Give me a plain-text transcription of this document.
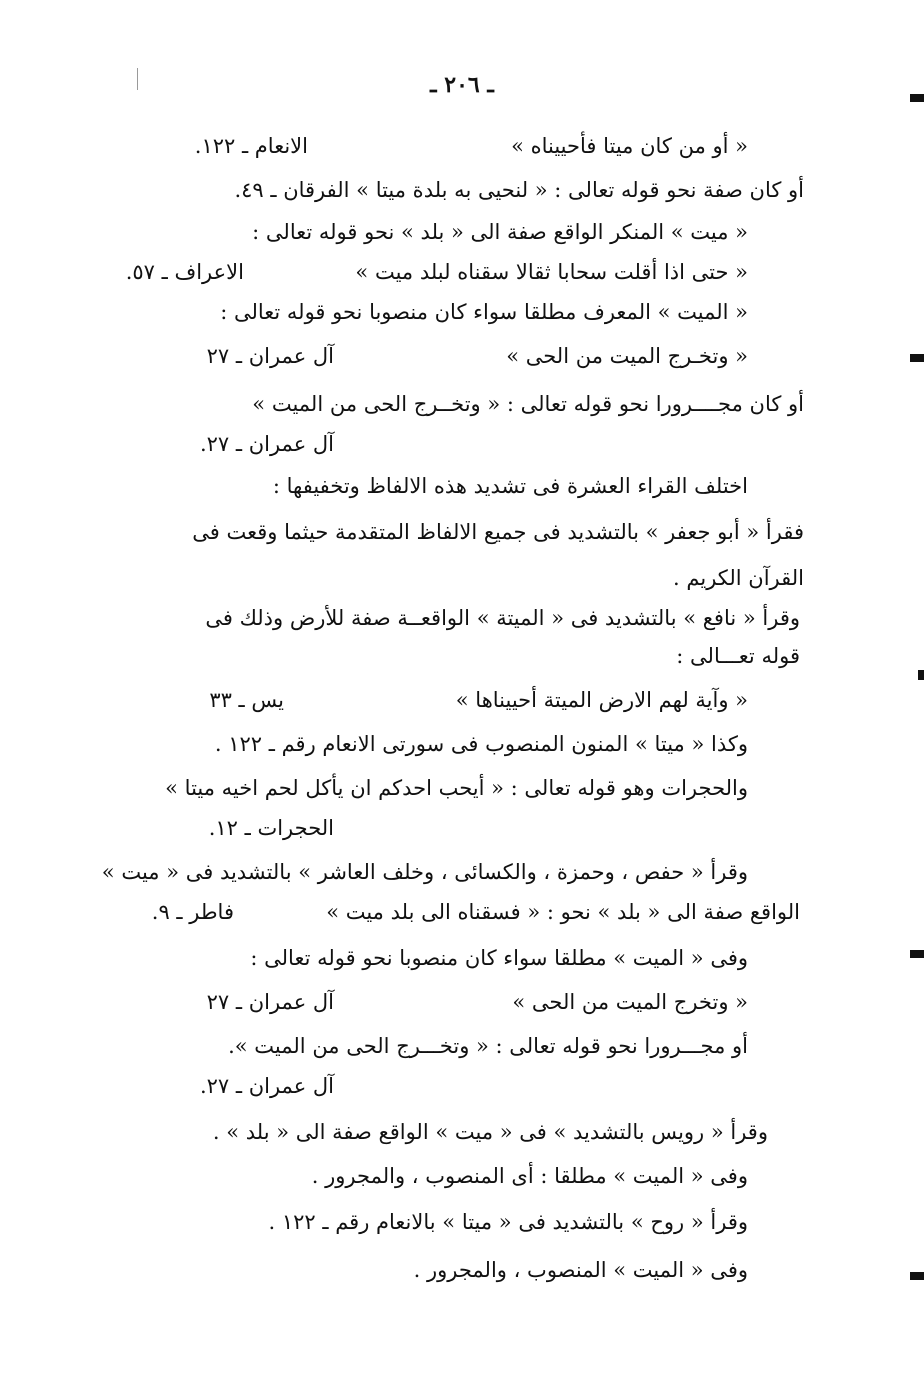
ـ ٢٠٦ ـ
« أو من كان ميتا فأحييناه »
الانعام ـ ١٢٢.
أو كان صفة نحو قوله تعالى : « لنحيى به بلدة ميتا » الفرقان ـ ٤٩.
« ميت » المنكر الواقع صفة الى « بلد » نحو قوله تعالى :
« حتى اذا أقلت سحابا ثقالا سقناه لبلد ميت »
الاعراف ـ ٥٧.
« الميت » المعرف مطلقا سواء كان منصوبا نحو قوله تعالى :
« وتخـرج الميت من الحى »
آل عمران ـ ٢٧
أو كان مجــــرورا نحو قوله تعالى : « وتخــرج الحى من الميت »
آل عمران ـ ٢٧.
اختلف القراء العشرة فى تشديد هذه الالفاظ وتخفيفها :
فقرأ « أبو جعفر » بالتشديد فى جميع الالفاظ المتقدمة حيثما وقعت فى
القرآن الكريم .
وقرأ « نافع » بالتشديد فى « الميتة » الواقعــة صفة للأرض وذلك فى
قوله تعـــالى :
« وآية لهم الارض الميتة أحييناها »
يس ـ ٣٣
وكذا « ميتا » المنون المنصوب فى سورتى الانعام رقم ـ ١٢٢ .
والحجرات وهو قوله تعالى : « أيحب احدكم ان يأكل لحم اخيه ميتا »
الحجرات ـ ١٢.
وقرأ « حفص ، وحمزة ، والكسائى ، وخلف العاشر » بالتشديد فى « ميت »
الواقع صفة الى « بلد » نحو : « فسقناه الى بلد ميت »
فاطر ـ ٩.
وفى « الميت » مطلقا سواء كان منصوبا نحو قوله تعالى :
« وتخرج الميت من الحى »
آل عمران ـ ٢٧
أو مجـــرورا نحو قوله تعالى : « وتخـــرج الحى من الميت ».
آل عمران ـ ٢٧.
وقرأ « رويس بالتشديد » فى « ميت » الواقع صفة الى « بلد » .
وفى « الميت » مطلقا : أى المنصوب ، والمجرور .
وقرأ « روح » بالتشديد فى « ميتا » بالانعام رقم ـ ١٢٢ .
وفى « الميت » المنصوب ، والمجرور .
